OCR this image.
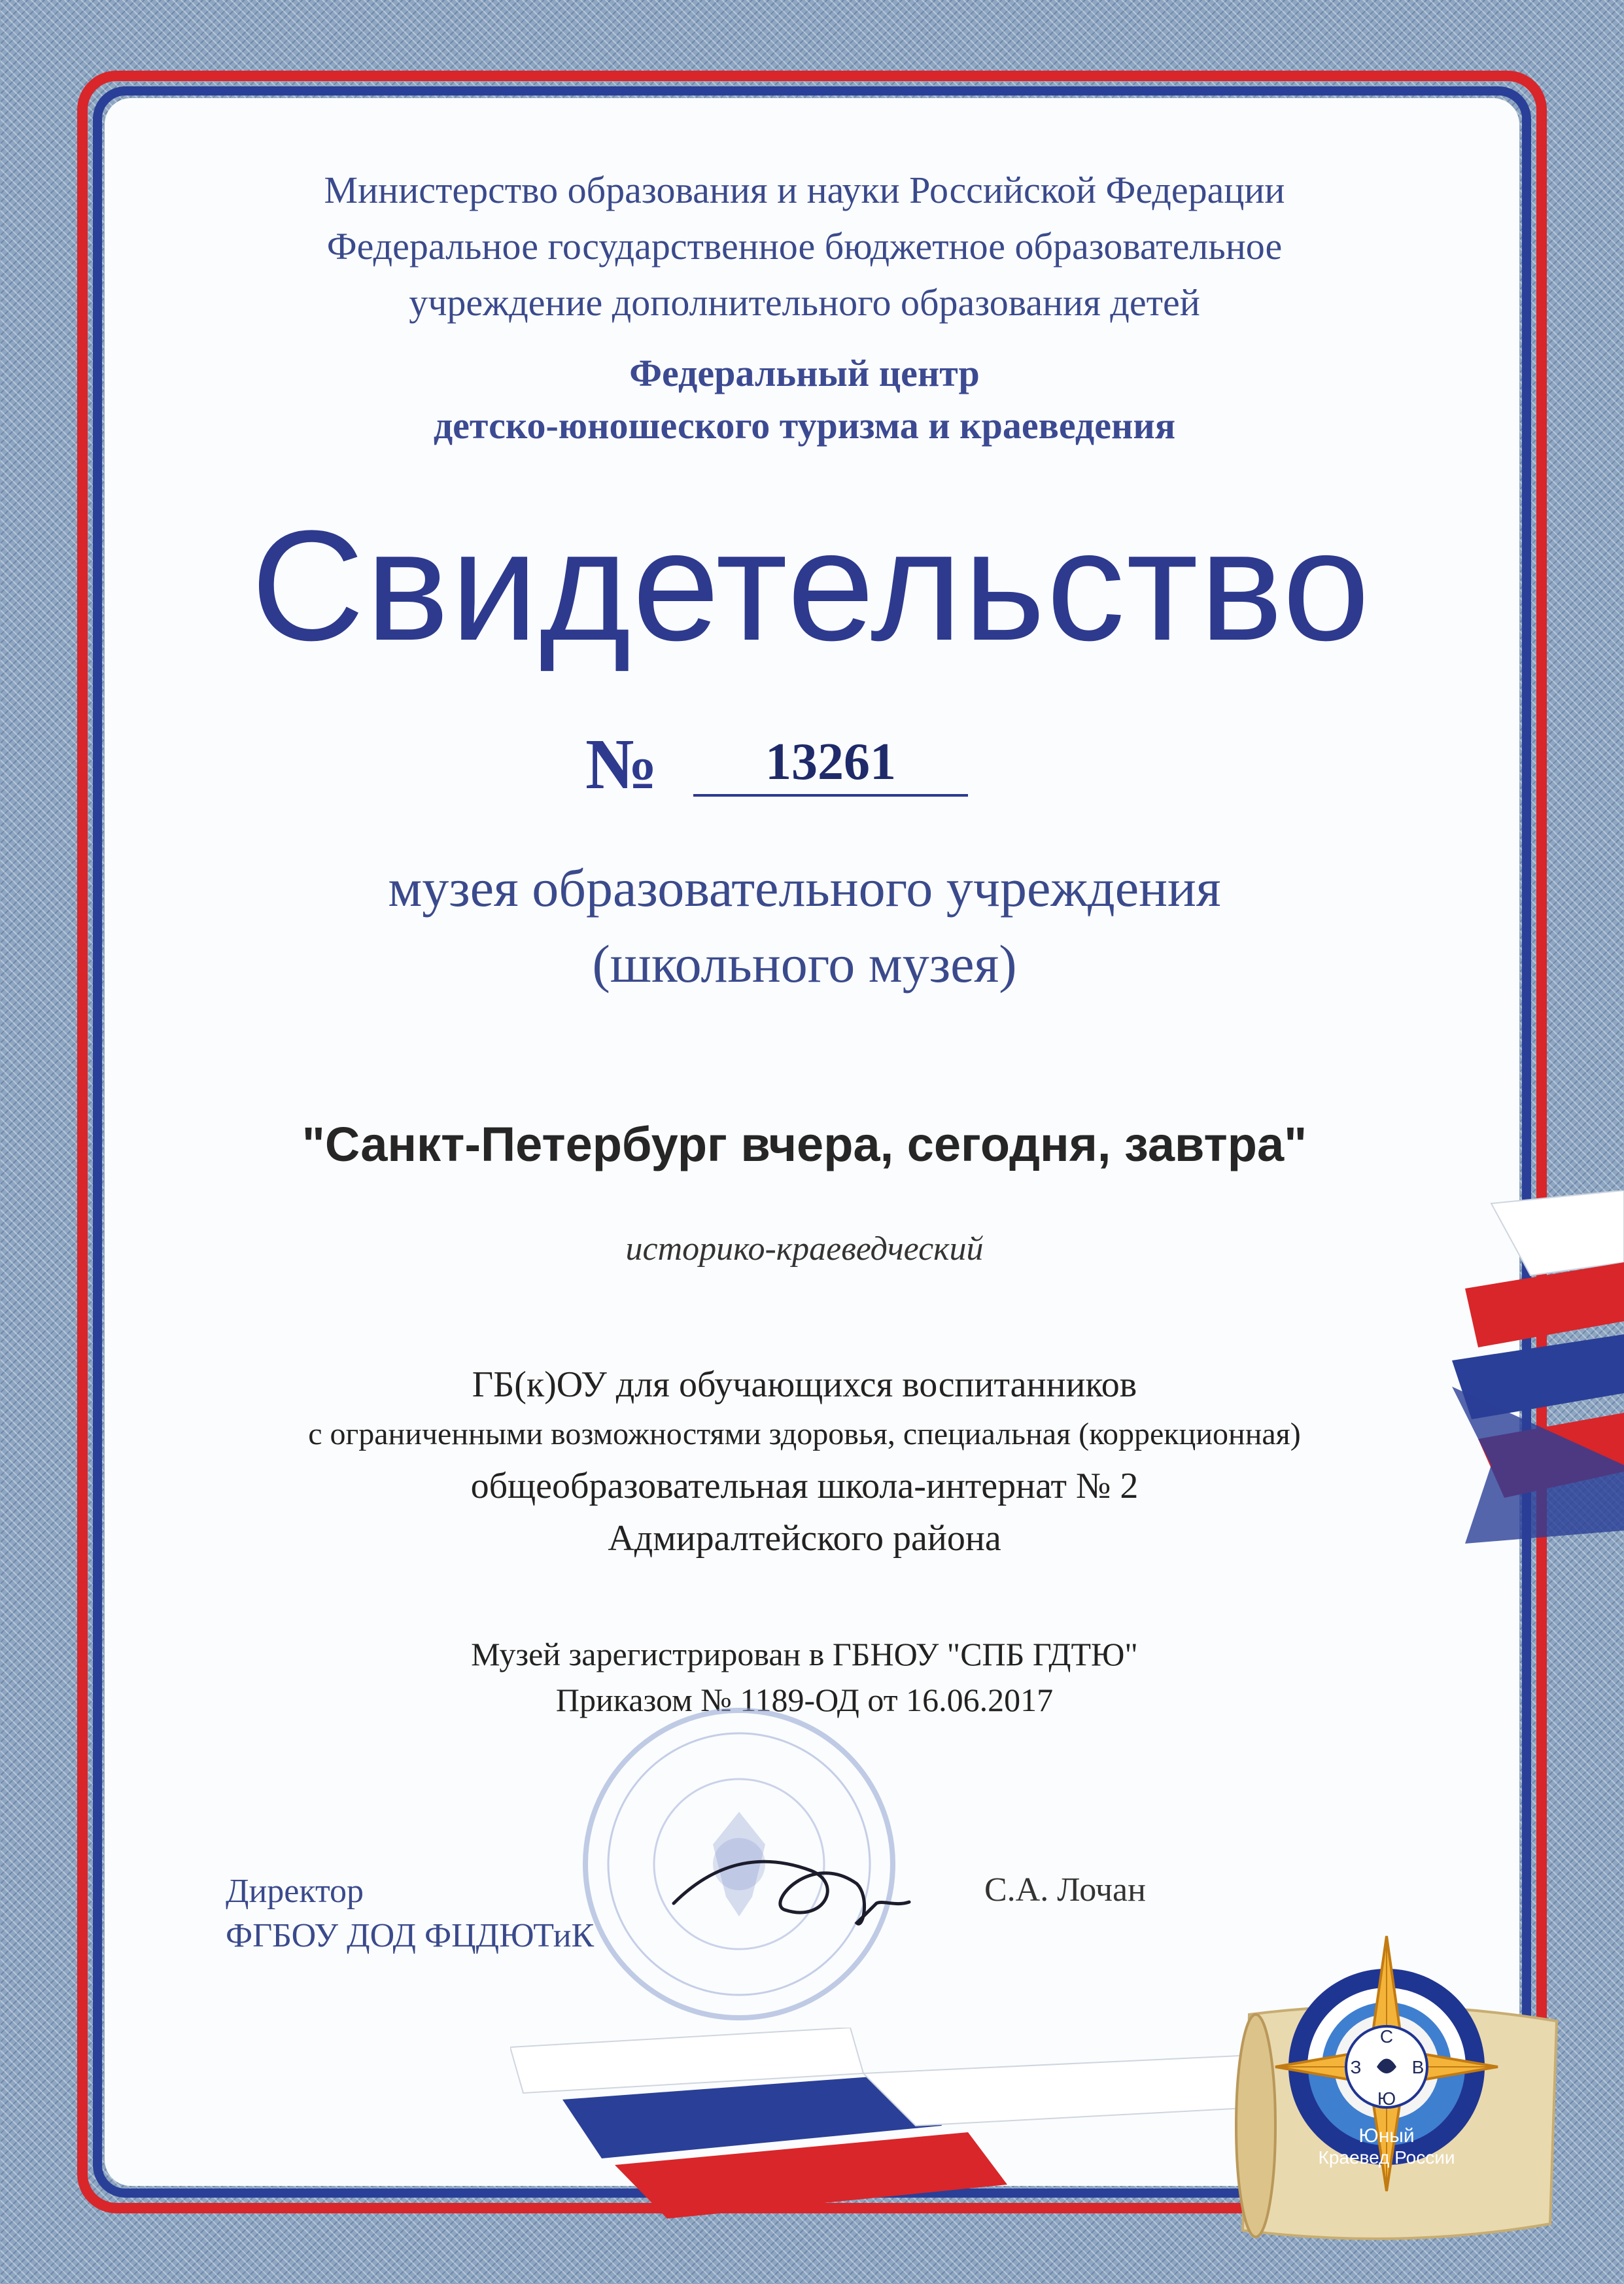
Министерство образования и науки Российской Федерации
Федеральное государственное бюджетное образовательное
учреждение дополнительного образования детей
Федеральный центр
детско-юношеского туризма и краеведения
Свидетельство
№	13261
музея образовательного учреждения
(школьного музея)
"Санкт-Петербург вчера, сегодня, завтра"
историко-краеведческий
ГБ(к)ОУ для обучающихся воспитанников
с ограниченными возможностями здоровья, специальная (коррекционная)
общеобразовательная школа-интернат № 2
Адмиралтейского района
Музей зарегистрирован в ГБНОУ "СПБ ГДТЮ"
Приказом № 1189-ОД от 16.06.2017
Директор
ФГБОУ ДОД ФЦДЮТиК
С.А. Лочан
С
Ю
З	В
Юный
Краевед России
